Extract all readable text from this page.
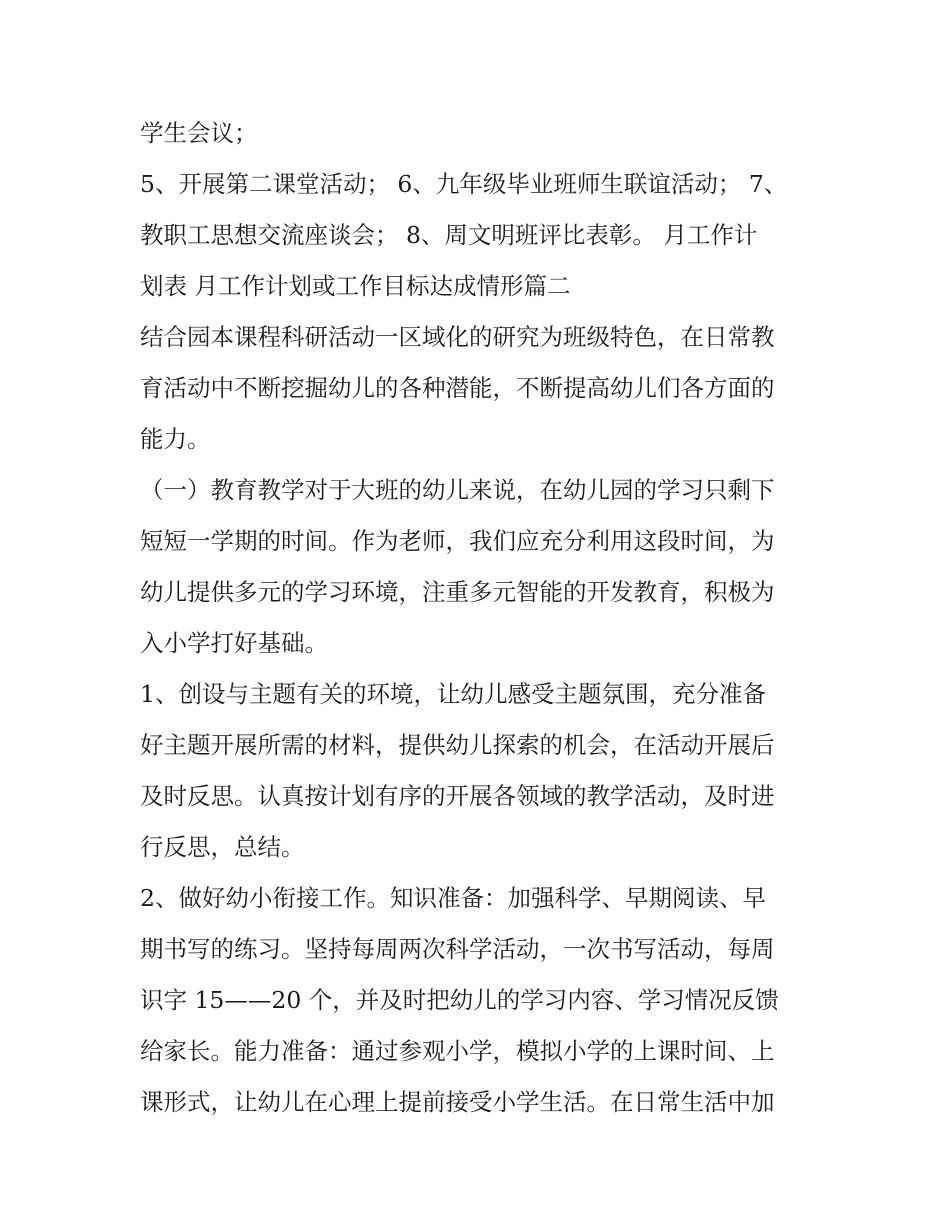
学生会议；
5、开展第二课堂活动； 6、九年级毕业班师生联谊活动； 7、
教职工思想交流座谈会； 8、周文明班评比表彰。 月工作计
划表 月工作计划或工作目标达成情形篇二
结合园本课程科研活动一区域化的研究为班级特色，在日常教
育活动中不断挖掘幼儿的各种潜能，不断提高幼儿们各方面的
能力。
（一）教育教学对于大班的幼儿来说，在幼儿园的学习只剩下
短短一学期的时间。作为老师，我们应充分利用这段时间，为
幼儿提供多元的学习环境，注重多元智能的开发教育，积极为
入小学打好基础。
1、创设与主题有关的环境，让幼儿感受主题氛围，充分准备
好主题开展所需的材料，提供幼儿探索的机会，在活动开展后
及时反思。认真按计划有序的开展各领域的教学活动，及时进
行反思，总结。
2、做好幼小衔接工作。知识准备：加强科学、早期阅读、早
期书写的练习。坚持每周两次科学活动，一次书写活动，每周
识字 15——20 个，并及时把幼儿的学习内容、学习情况反馈
给家长。能力准备：通过参观小学，模拟小学的上课时间、上
课形式，让幼儿在心理上提前接受小学生活。在日常生活中加
